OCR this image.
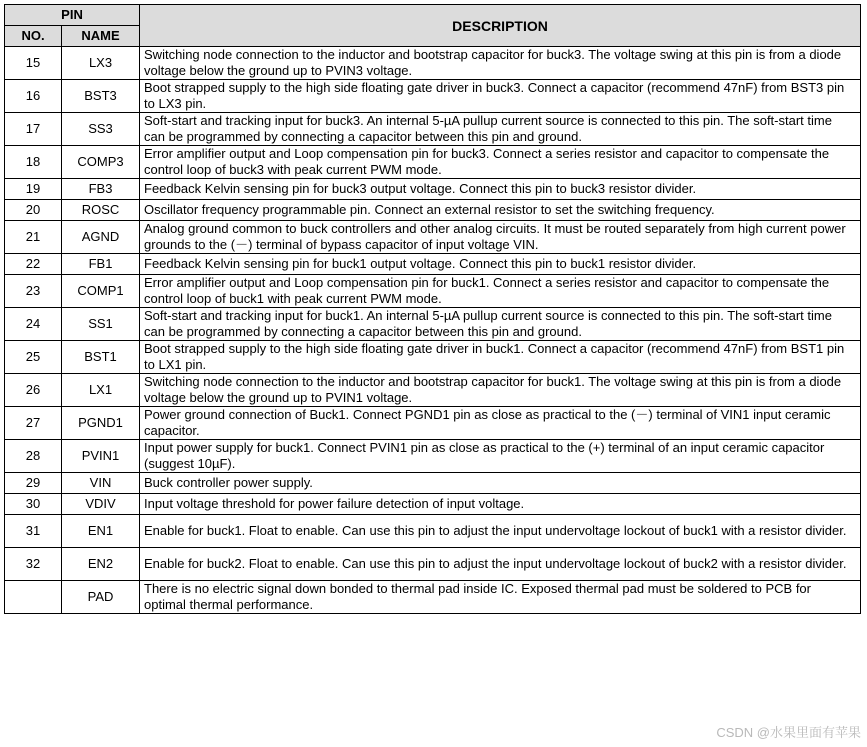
PIN		DESCRIPTION
NO.	NAME	
15	LX3	Switching node connection to the inductor and bootstrap capacitor for buck3. The voltage swing at this pin is from a diode voltage below the ground up to PVIN3 voltage.
16	BST3	Boot strapped supply to the high side floating gate driver in buck3. Connect a capacitor (recommend 47nF) from BST3 pin to LX3 pin.
17	SS3	Soft-start and tracking input for buck3. An internal 5-µA pullup current source is connected to this pin. The soft-start time can be programmed by connecting a capacitor between this pin and ground.
18	COMP3	Error amplifier output and Loop compensation pin for buck3. Connect a series resistor and capacitor to compensate the control loop of buck3 with peak current PWM mode.
19	FB3	Feedback Kelvin sensing pin for buck3 output voltage. Connect this pin to buck3 resistor divider.
20	ROSC	Oscillator frequency programmable pin. Connect an external resistor to set the switching frequency.
21	AGND	Analog ground common to buck controllers and other analog circuits. It must be routed separately from high current power grounds to the (－) terminal of bypass capacitor of input voltage VIN.
22	FB1	Feedback Kelvin sensing pin for buck1 output voltage. Connect this pin to buck1 resistor divider.
23	COMP1	Error amplifier output and Loop compensation pin for buck1. Connect a series resistor and capacitor to compensate the control loop of buck1 with peak current PWM mode.
24	SS1	Soft-start and tracking input for buck1. An internal 5-µA pullup current source is connected to this pin. The soft-start time can be programmed by connecting a capacitor between this pin and ground.
25	BST1	Boot strapped supply to the high side floating gate driver in buck1. Connect a capacitor (recommend 47nF) from BST1 pin to LX1 pin.
26	LX1	Switching node connection to the inductor and bootstrap capacitor for buck1. The voltage swing at this pin is from a diode voltage below the ground up to PVIN1 voltage.
27	PGND1	Power ground connection of Buck1. Connect PGND1 pin as close as practical to the (－) terminal of VIN1 input ceramic capacitor.
28	PVIN1	Input power supply for buck1. Connect PVIN1 pin as close as practical to the (+) terminal of an input ceramic capacitor (suggest 10µF).
29	VIN	Buck controller power supply.
30	VDIV	Input voltage threshold for power failure detection of input voltage.
31	EN1	Enable for buck1. Float to enable. Can use this pin to adjust the input undervoltage lockout of buck1 with a resistor divider.
32	EN2	Enable for buck2. Float to enable. Can use this pin to adjust the input undervoltage lockout of buck2 with a resistor divider.
	PAD	There is no electric signal down bonded to thermal pad inside IC. Exposed thermal pad must be soldered to PCB for optimal thermal performance.
CSDN @水果里面有苹果
